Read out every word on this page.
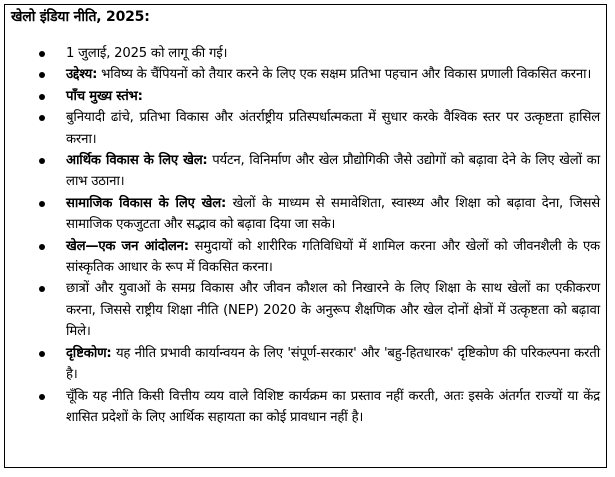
खेलो इंडिया नीति, 2025:
1 जुलाई, 2025 को लागू की गई।
उद्देश्य: भविष्य के चैंपियनों को तैयार करने के लिए एक सक्षम प्रतिभा पहचान और विकास प्रणाली विकसित करना।
पाँच मुख्य स्तंभ:
बुनियादी ढांचे, प्रतिभा विकास और अंतर्राष्ट्रीय प्रतिस्पर्धात्मकता में सुधार करके वैश्विक स्तर पर उत्कृष्टता हासिल करना।
आर्थिक विकास के लिए खेल: पर्यटन, विनिर्माण और खेल प्रौद्योगिकी जैसे उद्योगों को बढ़ावा देने के लिए खेलों का लाभ उठाना।
सामाजिक विकास के लिए खेल: खेलों के माध्यम से समावेशिता, स्वास्थ्य और शिक्षा को बढ़ावा देना, जिससे सामाजिक एकजुटता और सद्भाव को बढ़ावा दिया जा सके।
खेल—एक जन आंदोलन: समुदायों को शारीरिक गतिविधियों में शामिल करना और खेलों को जीवनशैली के एक सांस्कृतिक आधार के रूप में विकसित करना।
छात्रों और युवाओं के समग्र विकास और जीवन कौशल को निखारने के लिए शिक्षा के साथ खेलों का एकीकरण करना, जिससे राष्ट्रीय शिक्षा नीति (NEP) 2020 के अनुरूप शैक्षणिक और खेल दोनों क्षेत्रों में उत्कृष्टता को बढ़ावा मिले।
दृष्टिकोण: यह नीति प्रभावी कार्यान्वयन के लिए 'संपूर्ण-सरकार' और 'बहु-हितधारक' दृष्टिकोण की परिकल्पना करती है।
चूँकि यह नीति किसी वित्तीय व्यय वाले विशिष्ट कार्यक्रम का प्रस्ताव नहीं करती, अतः इसके अंतर्गत राज्यों या केंद्र शासित प्रदेशों के लिए आर्थिक सहायता का कोई प्रावधान नहीं है।
